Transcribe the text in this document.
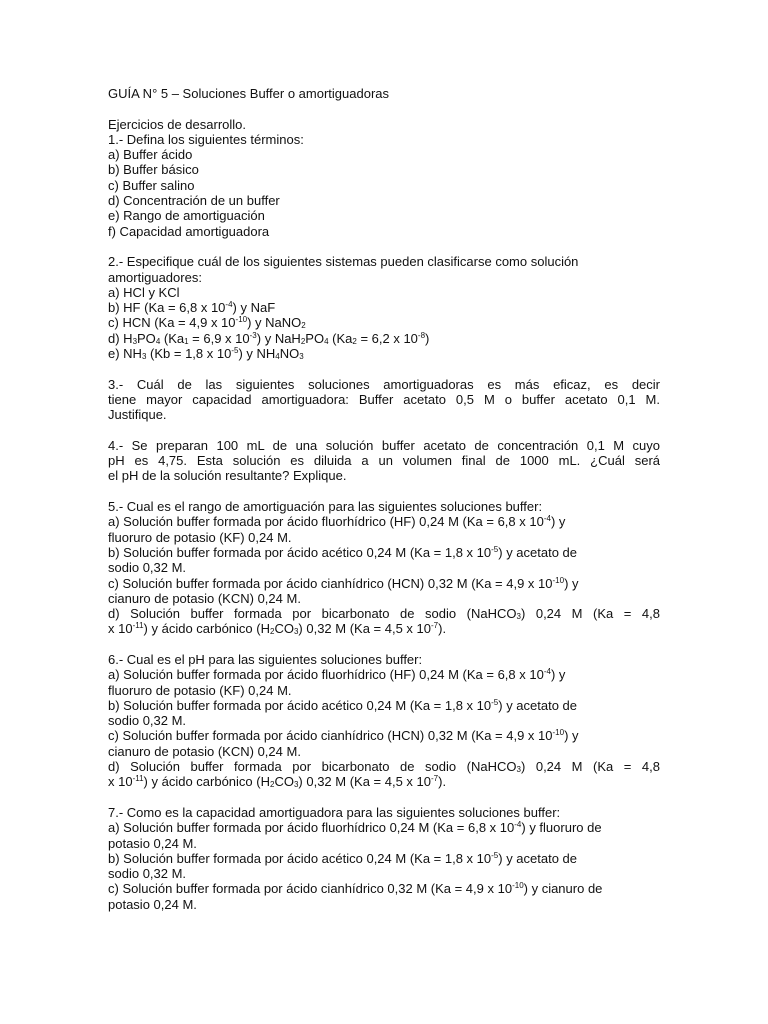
GUÍA N° 5 – Soluciones Buffer o amortiguadoras
Ejercicios de desarrollo.
1.- Defina los siguientes términos:
a) Buffer ácido
b) Buffer básico
c) Buffer salino
d) Concentración de un buffer
e) Rango de amortiguación
f) Capacidad amortiguadora
2.- Especifique cuál de los siguientes sistemas pueden clasificarse como solución
amortiguadores:
a) HCl y KCl
b) HF (Ka = 6,8 x $10^{-4}$) y NaF
c) HCN (Ka = 4,9 x $10^{-10}$) y NaNO$_2$
d) $H_3PO_4$ ($Ka_1 = 6,9$ x $10^{-3}$) y $NaH_2PO_4$ ($Ka_2 = 6,2$ x $10^{-8}$)
e) $NH_3$ (Kb = 1,8 x $10^{-5}$) y $NH_4NO_3$
3.- Cuál de las siguientes soluciones amortiguadoras es más eficaz, es decir
tiene mayor capacidad amortiguadora: Buffer acetato 0,5 M o buffer acetato 0,1 M.
Justifique.
4.- Se preparan 100 mL de una solución buffer acetato de concentración 0,1 M cuyo
pH es 4,75. Esta solución es diluida a un volumen final de 1000 mL. ¿Cuál será
el pH de la solución resultante? Explique.
5.- Cual es el rango de amortiguación para las siguientes soluciones buffer:
a) Solución buffer formada por ácido fluorhídrico (HF) 0,24 M (Ka = 6,8 x $10^{-4}$) y
fluoruro de potasio (KF) 0,24 M.
b) Solución buffer formada por ácido acético 0,24 M (Ka = 1,8 x $10^{-5}$) y acetato de
sodio 0,32 M.
c) Solución buffer formada por ácido cianhídrico (HCN) 0,32 M (Ka = 4,9 x $10^{-10}$) y
cianuro de potasio (KCN) 0,24 M.
d) Solución buffer formada por bicarbonato de sodio (NaHCO$_3$) 0,24 M (Ka = 4,8
x $10^{-11}$) y ácido carbónico $(H_2CO_3)$ 0,32 M (Ka = 4,5 x $10^{-7}$).
6.- Cual es el pH para las siguientes soluciones buffer:
a) Solución buffer formada por ácido fluorhídrico (HF) 0,24 M (Ka = 6,8 x $10^{-4}$) y
fluoruro de potasio (KF) 0,24 M.
b) Solución buffer formada por ácido acético 0,24 M (Ka = 1,8 x $10^{-5}$) y acetato de
sodio 0,32 M.
c) Solución buffer formada por ácido cianhídrico (HCN) 0,32 M (Ka = 4,9 x $10^{-10}$) y
cianuro de potasio (KCN) 0,24 M.
d) Solución buffer formada por bicarbonato de sodio (NaHCO$_3$) 0,24 M (Ka = 4,8
x $10^{-11}$) y ácido carbónico $(H_2CO_3)$ 0,32 M (Ka = 4,5 x $10^{-7}$).
7.- Como es la capacidad amortiguadora para las siguientes soluciones buffer:
a) Solución buffer formada por ácido fluorhídrico 0,24 M (Ka = 6,8 x $10^{-4}$) y fluoruro de
potasio 0,24 M.
b) Solución buffer formada por ácido acético 0,24 M (Ka = 1,8 x $10^{-5}$) y acetato de
sodio 0,32 M.
c) Solución buffer formada por ácido cianhídrico 0,32 M (Ka = 4,9 x $10^{-10}$) y cianuro de
potasio 0,24 M.
